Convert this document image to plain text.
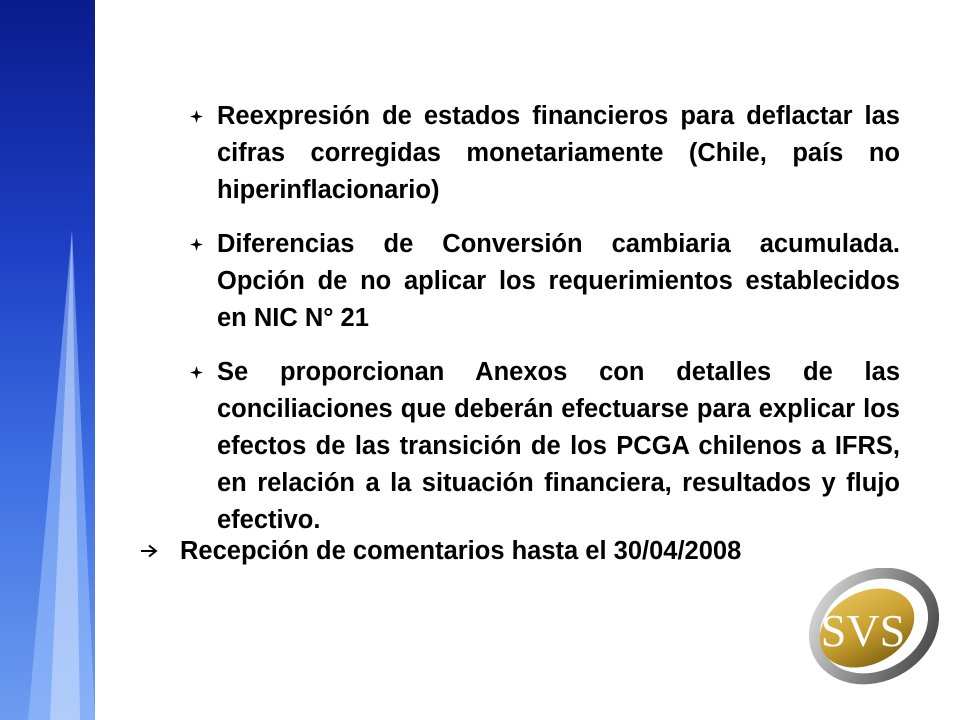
Reexpresión de estados financieros para deflactar las cifras corregidas monetariamente (Chile, país no hiperinflacionario)
Diferencias de Conversión cambiaria acumulada. Opción de no aplicar los requerimientos establecidos en NIC N° 21
Se proporcionan Anexos con detalles de las conciliaciones que deberán efectuarse para explicar los efectos de las transición de los PCGA chilenos a IFRS, en relación a la situación financiera, resultados y flujo efectivo.
Recepción de comentarios hasta el 30/04/2008
SVS
